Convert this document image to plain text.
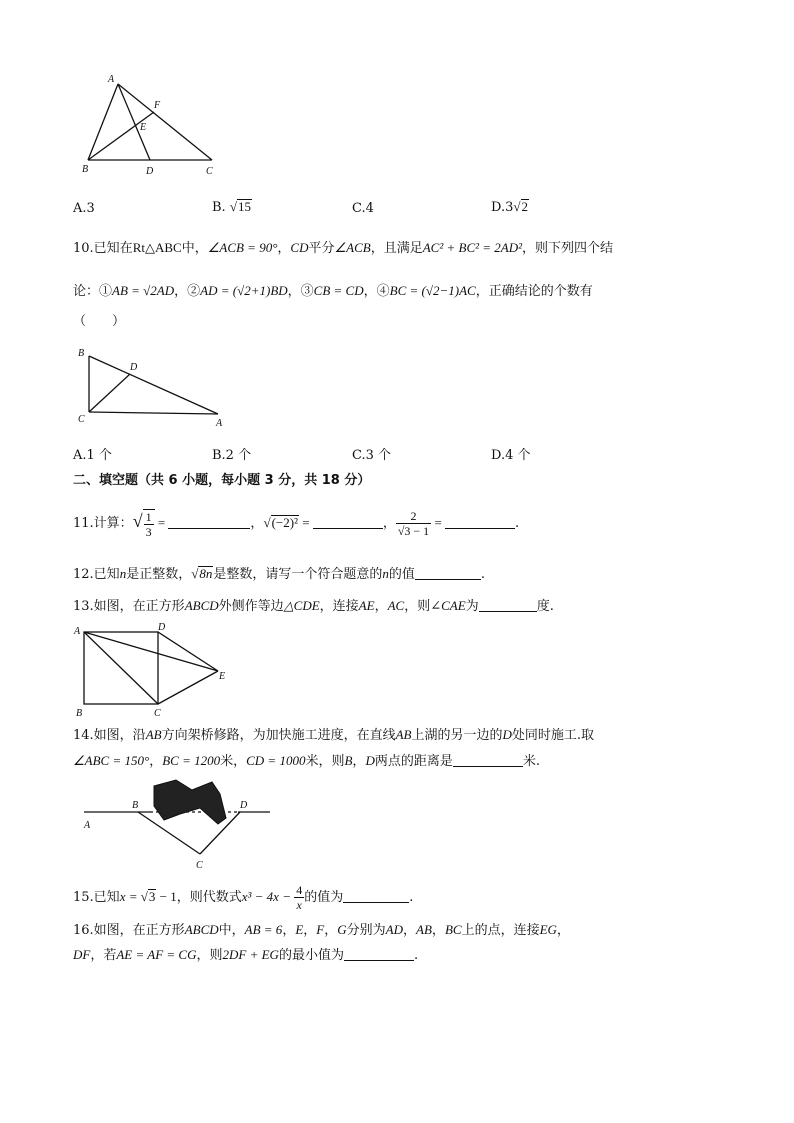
A
F
E
B	D	C
A.3	B. √15	C.4	D.3√2
10.已知在Rt△ABC中，∠ACB = 90°，CD平分∠ACB，且满足AC² + BC² = 2AD²，则下列四个结
论：①AB = √2AD，②AD = (√2+1)BD，③CB = CD，④BC = (√2−1)AC，正确结论的个数有
（　　）
B
D
C	A
A.1 个	B.2 个	C.3 个	D.4 个
二、填空题（共 6 小题，每小题 3 分，共 18 分）
11.计算：√ $\frac{1}{3}$ =	，√(−2)² =	， $\frac{2}{√3 - 1}$ =	.
12.已知n是正整数，√8n是整数，请写一个符合题意的n的值	.
13.如图，在正方形ABCD外侧作等边△CDE，连接AE，AC，则∠CAE为	度.
A	D
E
B	C
14.如图，沿AB方向架桥修路，为加快施工进度，在直线AB上湖的另一边的D处同时施工.取
∠ABC = 150°，BC = 1200米，CD = 1000米，则B，D两点的距离是	米.
A
B	D
C
15.已知x = √3 − 1，则代数式$x^3 - 4x - \frac{4}{x}$ 的值为	.
16.如图，在正方形ABCD中，AB = 6，E，F，G分别为AD，AB，BC上的点，连接EG，
DF，若AE = AF = CG，则2DF + EG的最小值为	.
